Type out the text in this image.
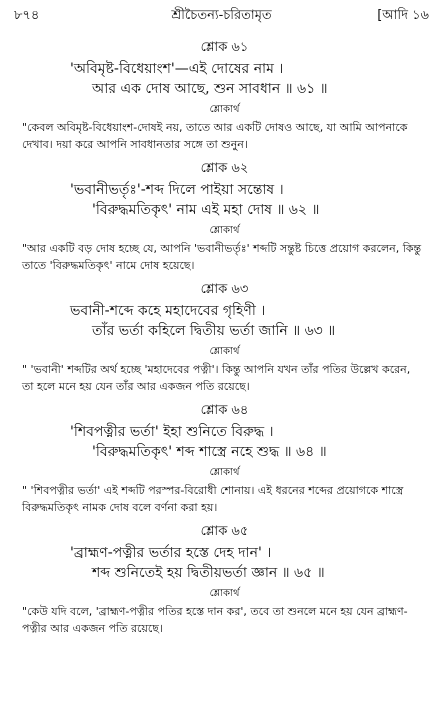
৮৭৪	শ্রীচৈতন্য-চরিতামৃত	[আদি ১৬
শ্লোক ৬১

'অবিমৃষ্ট-বিধেয়াংশ'—এই দোষের নাম ।

আর এক দোষ আছে, শুন সাবধান ॥ ৬১ ॥

শ্লোকার্থ

"কেবল অবিমৃষ্ট-বিধেয়াংশ-দোষই নয়, তাতে আর একটি দোষও আছে, যা আমি আপনাকে দেখাব। দয়া করে আপনি সাবধানতার সঙ্গে তা শুনুন।

শ্লোক ৬২

'ভবানীভর্তৃঃ'-শব্দ দিলে পাইয়া সন্তোষ ।

'বিরুদ্ধমতিকৃৎ' নাম এই মহা দোষ ॥ ৬২ ॥

শ্লোকার্থ

"আর একটি বড় দোষ হচ্ছে যে, আপনি 'ভবানীভর্তৃঃ' শব্দটি সন্তুষ্ট চিত্তে প্রয়োগ করলেন, কিন্তু তাতে 'বিরুদ্ধমতিকৃৎ' নামে দোষ হয়েছে।

শ্লোক ৬৩

ভবানী-শব্দে কহে মহাদেবের গৃহিণী ।

তাঁর ভর্তা কহিলে দ্বিতীয় ভর্তা জানি ॥ ৬৩ ॥

শ্লোকার্থ

" 'ভবানী' শব্দটির অর্থ হচ্ছে 'মহাদেবের পত্নী'। কিন্তু আপনি যখন তাঁর পতির উল্লেখ করেন, তা হলে মনে হয় যেন তাঁর আর একজন পতি রয়েছে।

শ্লোক ৬৪

'শিবপত্নীর ভর্তা' ইহা শুনিতে বিরুদ্ধ ।

'বিরুদ্ধমতিকৃৎ' শব্দ শাস্ত্রে নহে শুদ্ধ ॥ ৬৪ ॥

শ্লোকার্থ

" 'শিবপত্নীর ভর্তা' এই শব্দটি পরস্পর-বিরোধী শোনায়। এই ধরনের শব্দের প্রয়োগকে শাস্ত্রে বিরুদ্ধমতিকৃৎ নামক দোষ বলে বর্ণনা করা হয়।

শ্লোক ৬৫

'ব্রাহ্মণ-পত্নীর ভর্তার হস্তে দেহ দান' ।

শব্দ শুনিতেই হয় দ্বিতীয়ভর্তা জ্ঞান ॥ ৬৫ ॥

শ্লোকার্থ

"কেউ যদি বলে, 'ব্রাহ্মণ-পত্নীর পতির হস্তে দান কর', তবে তা শুনলে মনে হয় যেন ব্রাহ্মণ-পত্নীর আর একজন পতি রয়েছে।
